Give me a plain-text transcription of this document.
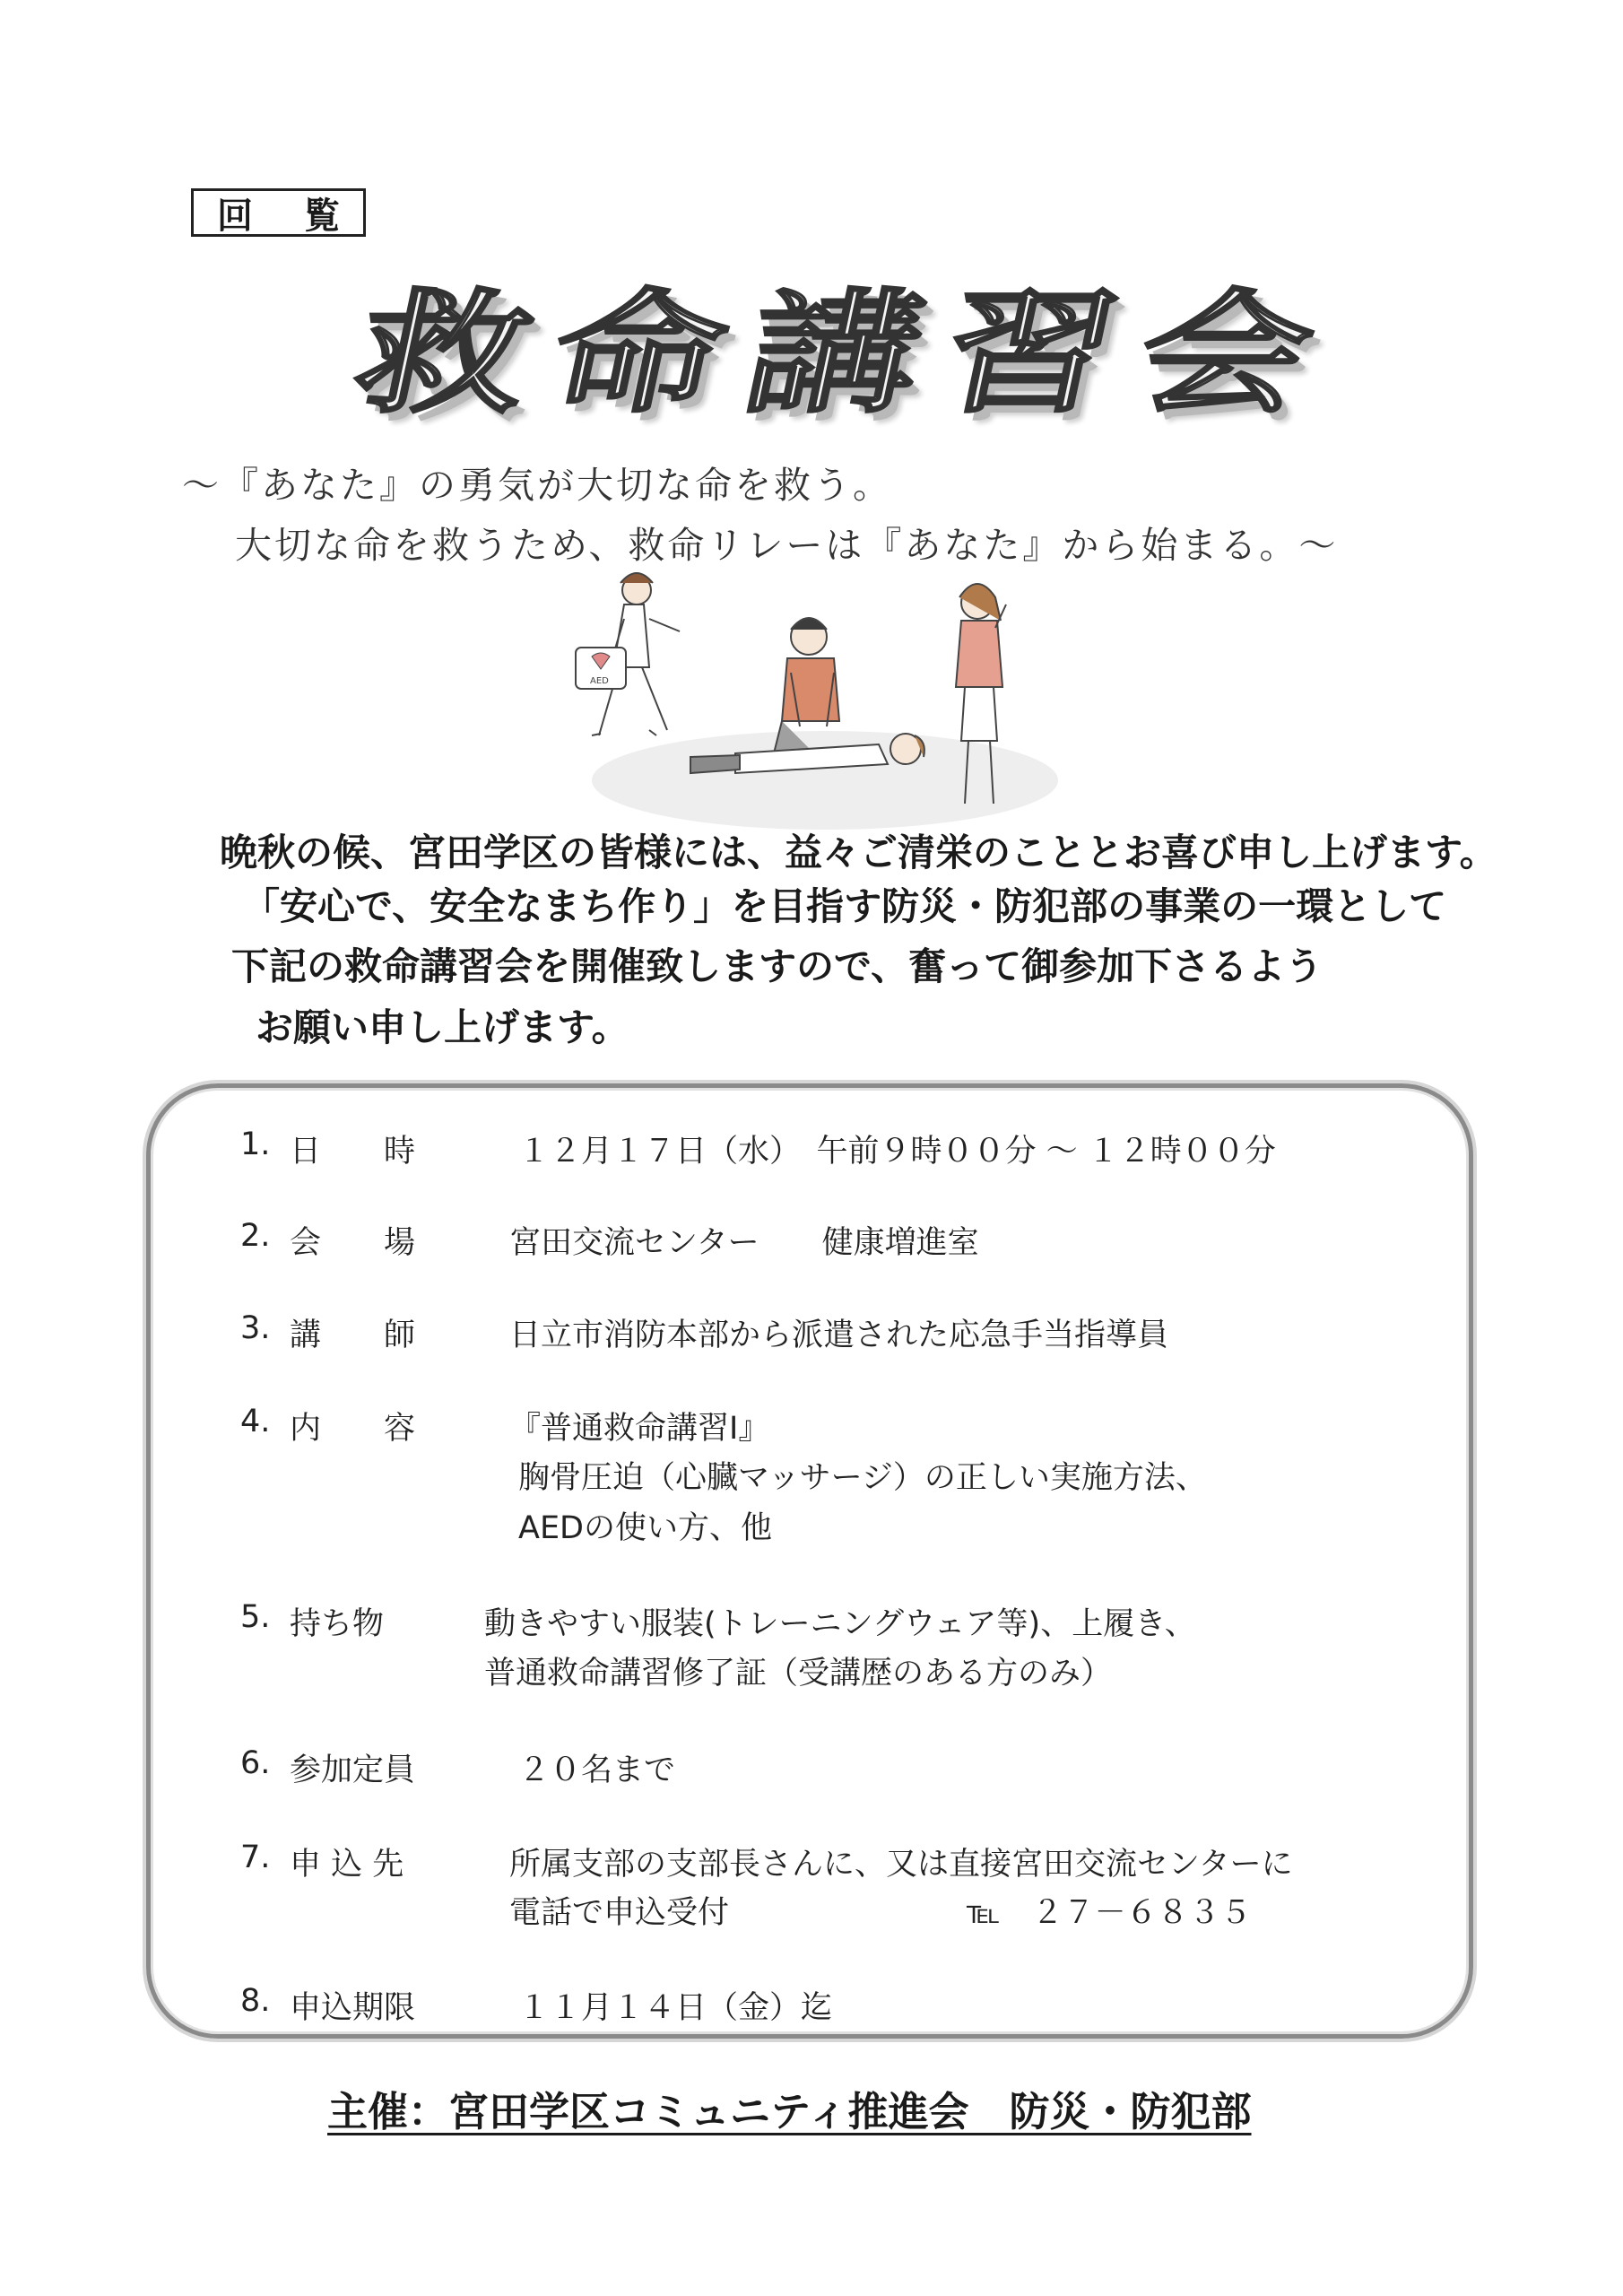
回 覧
救命講習会
～『あなた』の勇気が大切な命を救う。
大切な命を救うため、救命リレーは『あなた』から始まる。～
AED
晩秋の候、宮田学区の皆様には、益々ご清栄のこととお喜び申し上げます。
「安心で、安全なまち作り」を目指す防災・防犯部の事業の一環として
下記の救命講習会を開催致しますので、奮って御参加下さるよう
お願い申し上げます。
1. 日　　時	１２月１７日（水）　午前９時００分 ～ １２時００分
2. 会　　場	宮田交流センター　　健康増進室
3. 講　　師	日立市消防本部から派遣された応急手当指導員
4. 内　　容	『普通救命講習Ⅰ』
胸骨圧迫（心臓マッサージ）の正しい実施方法、
AEDの使い方、他
5. 持ち物	動きやすい服装(トレーニングウェア等)、上履き、
普通救命講習修了証（受講歴のある方のみ）
6. 参加定員	２０名まで
7. 申 込 先	所属支部の支部長さんに、又は直接宮田交流センターに
電話で申込受付	℡　２７－６８３５
8. 申込期限	１１月１４日（金）迄
主催：宮田学区コミュニティ推進会　防災・防犯部
